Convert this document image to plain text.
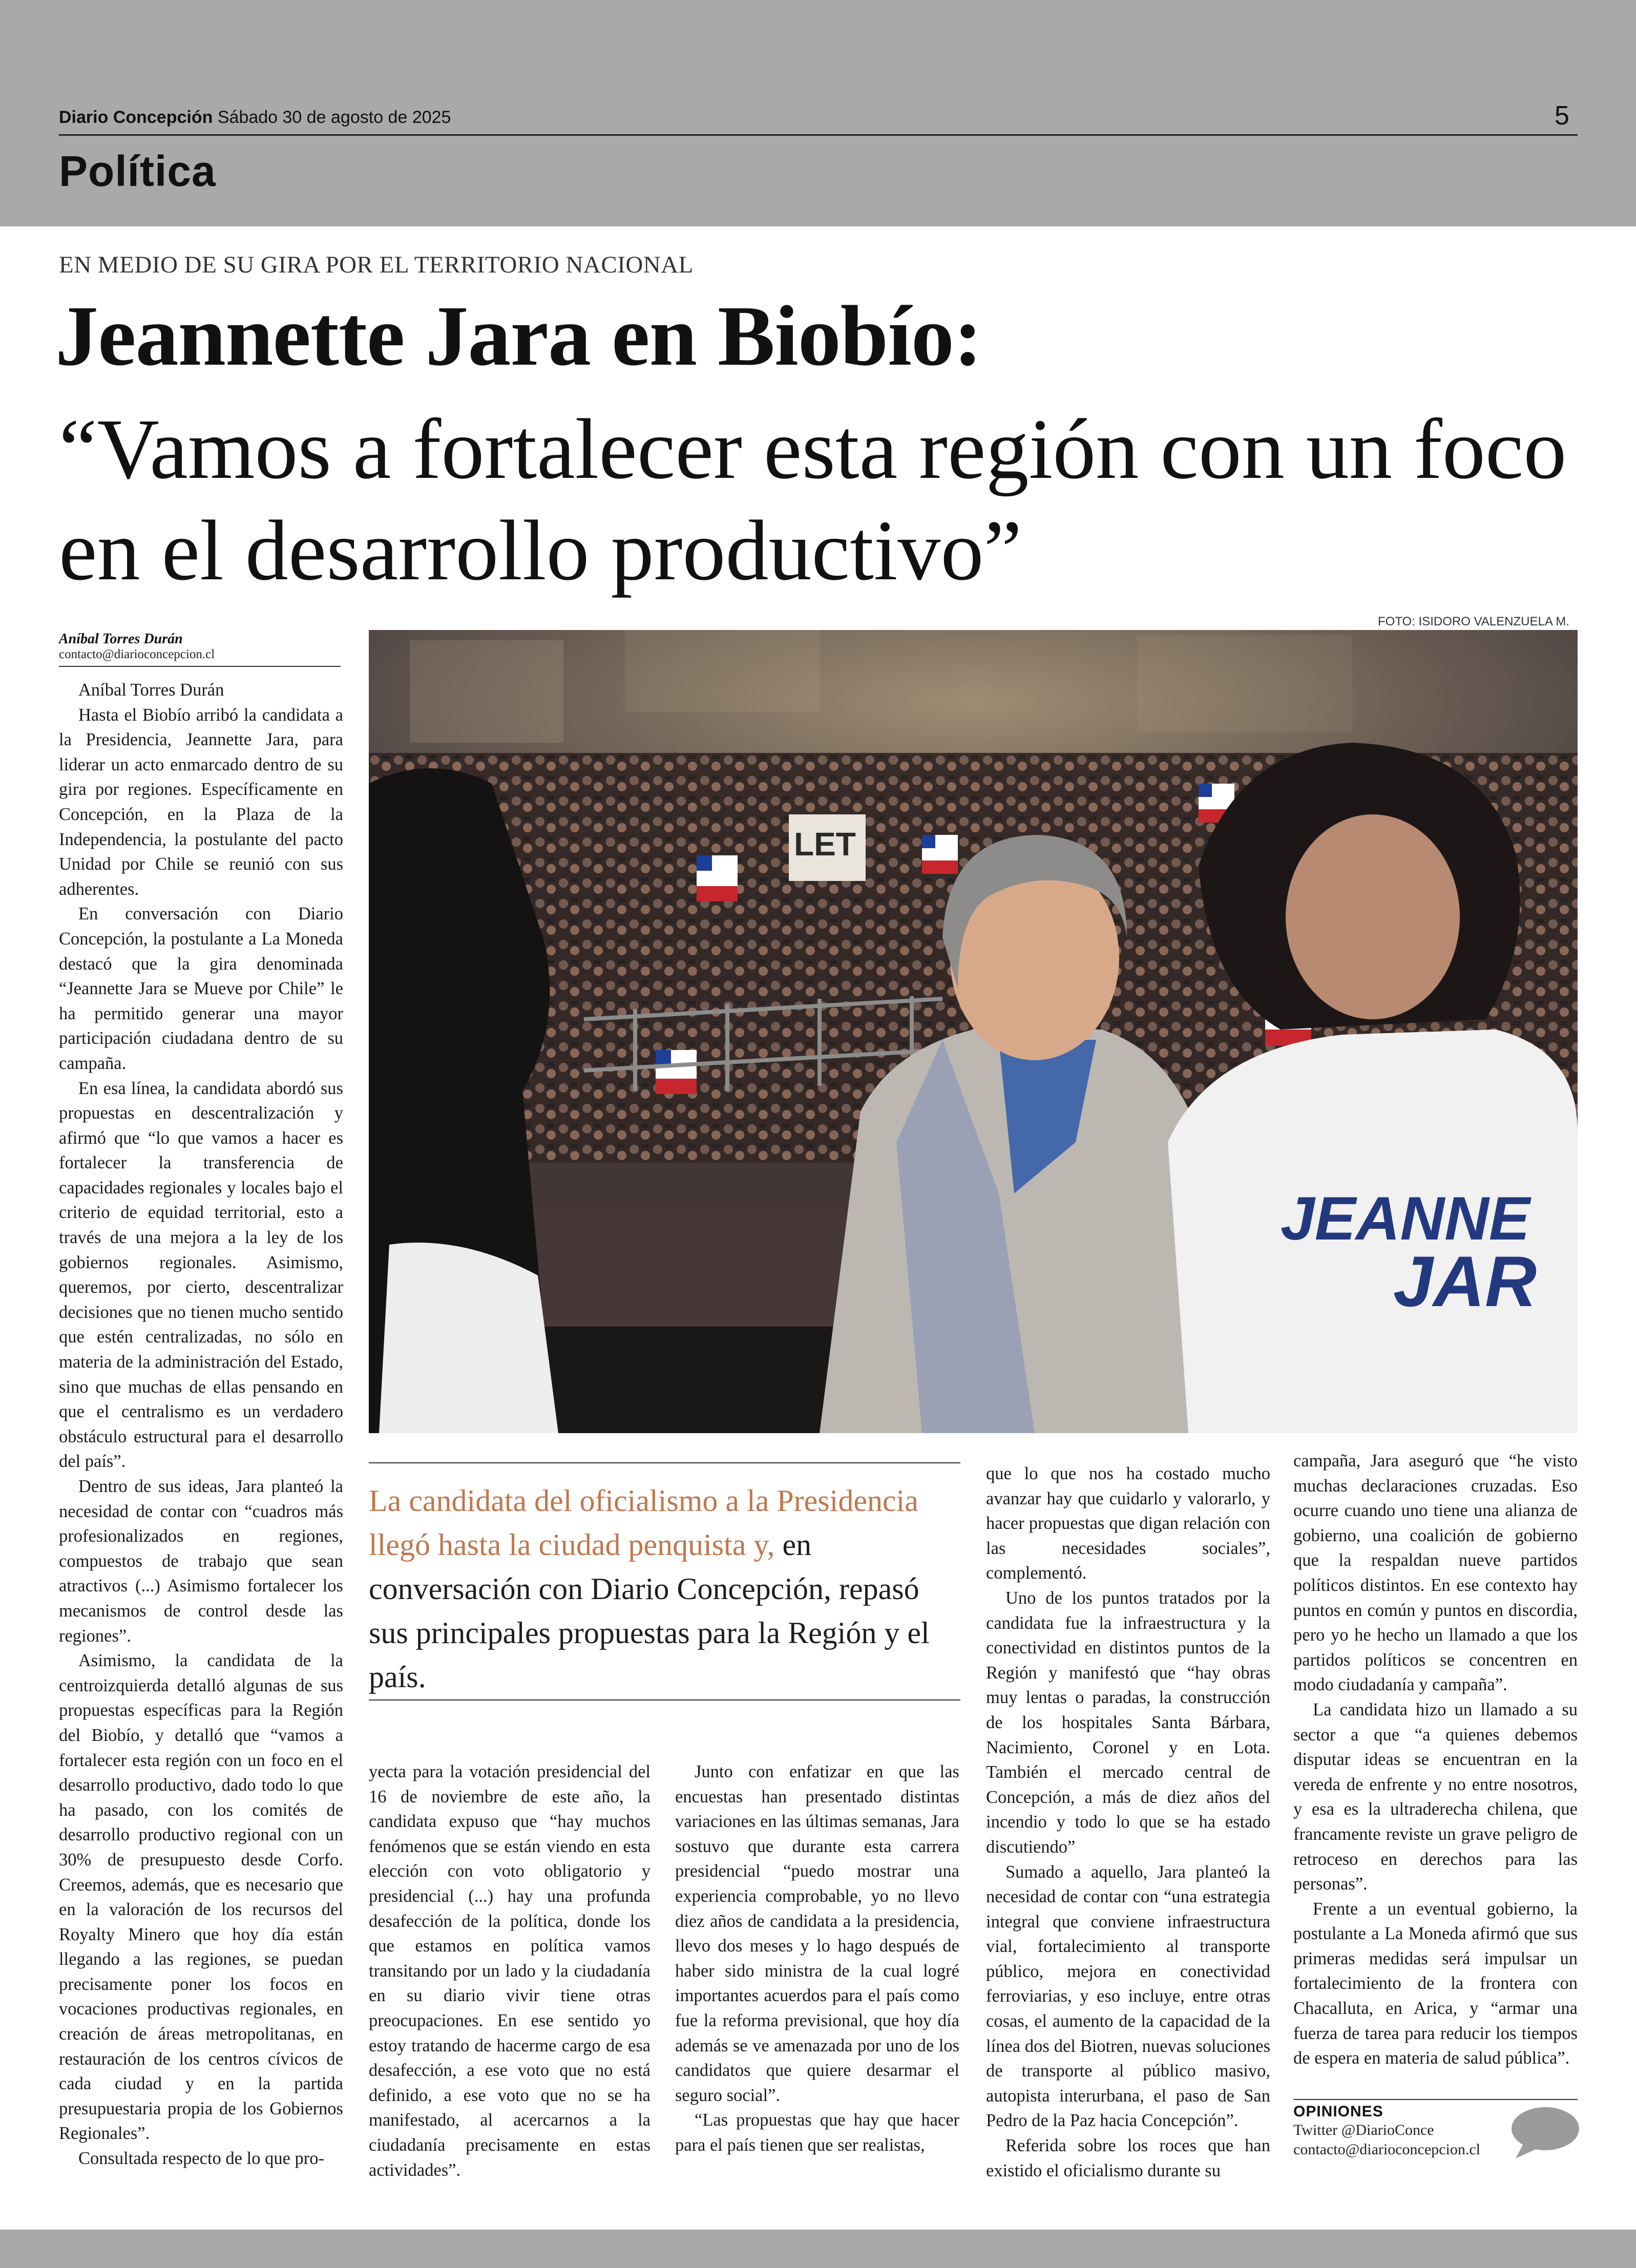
Diario Concepción Sábado 30 de agosto de 2025	5
Política
EN MEDIO DE SU GIRA POR EL TERRITORIO NACIONAL
Jeannette Jara en Biobío:
“Vamos a fortalecer esta región con un foco en el desarrollo productivo”
FOTO: ISIDORO VALENZUELA M.
LET
JEANNE
JAR
Aníbal Torres Durán
contacto@diarioconcepcion.cl

Aníbal Torres Durán

Hasta el Biobío arribó la candidata a la Presidencia, Jeannette Jara, para liderar un acto enmarcado dentro de su gira por regiones. Específicamente en Concepción, en la Plaza de la Independencia, la postulante del pacto Unidad por Chile se reunió con sus adherentes.

En conversación con Diario Concepción, la postulante a La Moneda destacó que la gira denominada “Jeannette Jara se Mueve por Chile” le ha permitido generar una mayor participación ciudadana dentro de su campaña.

En esa línea, la candidata abordó sus propuestas en descentralización y afirmó que “lo que vamos a hacer es fortalecer la transferencia de capacidades regionales y locales bajo el criterio de equidad territorial, esto a través de una mejora a la ley de los gobiernos regionales. Asimismo, queremos, por cierto, descentralizar decisiones que no tienen mucho sentido que estén centralizadas, no sólo en materia de la administración del Estado, sino que muchas de ellas pensando en que el centralismo es un verdadero obstáculo estructural para el desarrollo del país”.

Dentro de sus ideas, Jara planteó la necesidad de contar con “cuadros más profesionalizados en regiones, compuestos de trabajo que sean atractivos (...) Asimismo fortalecer los mecanismos de control desde las regiones”.

Asimismo, la candidata de la centroizquierda detalló algunas de sus propuestas específicas para la Región del Biobío, y detalló que “vamos a fortalecer esta región con un foco en el desarrollo productivo, dado todo lo que ha pasado, con los comités de desarrollo productivo regional con un 30% de presupuesto desde Corfo. Creemos, además, que es necesario que en la valoración de los recursos del Royalty Minero que hoy día están llegando a las regiones, se puedan precisamente poner los focos en vocaciones productivas regionales, en creación de áreas metropolitanas, en restauración de los centros cívicos de cada ciudad y en la partida presupuestaria propia de los Gobiernos Regionales”.

Consultada respecto de lo que pro-

La candidata del oficialismo a la Presidencia llegó hasta la ciudad penquista y, en conversación con Diario Concepción, repasó sus principales propuestas para la Región y el país.

yecta para la votación presidencial del 16 de noviembre de este año, la candidata expuso que “hay muchos fenómenos que se están viendo en esta elección con voto obligatorio y presidencial (...) hay una profunda desafección de la política, donde los que estamos en política vamos transitando por un lado y la ciudadanía en su diario vivir tiene otras preocupaciones. En ese sentido yo estoy tratando de hacerme cargo de esa desafección, a ese voto que no está definido, a ese voto que no se ha manifestado, al acercarnos a la ciudadanía precisamente en estas actividades”.

Junto con enfatizar en que las encuestas han presentado distintas variaciones en las últimas semanas, Jara sostuvo que durante esta carrera presidencial “puedo mostrar una experiencia comprobable, yo no llevo diez años de candidata a la presidencia, llevo dos meses y lo hago después de haber sido ministra de la cual logré importantes acuerdos para el país como fue la reforma previsional, que hoy día además se ve amenazada por uno de los candidatos que quiere desarmar el seguro social”.

“Las propuestas que hay que hacer para el país tienen que ser realistas,

que lo que nos ha costado mucho avanzar hay que cuidarlo y valorarlo, y hacer propuestas que digan relación con las necesidades sociales”, complementó.

Uno de los puntos tratados por la candidata fue la infraestructura y la conectividad en distintos puntos de la Región y manifestó que “hay obras muy lentas o paradas, la construcción de los hospitales Santa Bárbara, Nacimiento, Coronel y en Lota. También el mercado central de Concepción, a más de diez años del incendio y todo lo que se ha estado discutiendo”

Sumado a aquello, Jara planteó la necesidad de contar con “una estrategia integral que conviene infraestructura vial, fortalecimiento al transporte público, mejora en conectividad ferroviarias, y eso incluye, entre otras cosas, el aumento de la capacidad de la línea dos del Biotren, nuevas soluciones de transporte al público masivo, autopista interurbana, el paso de San Pedro de la Paz hacia Concepción”.

Referida sobre los roces que han existido el oficialismo durante su

campaña, Jara aseguró que “he visto muchas declaraciones cruzadas. Eso ocurre cuando uno tiene una alianza de gobierno, una coalición de gobierno que la respaldan nueve partidos políticos distintos. En ese contexto hay puntos en común y puntos en discordia, pero yo he hecho un llamado a que los partidos políticos se concentren en modo ciudadanía y campaña”.

La candidata hizo un llamado a su sector a que “a quienes debemos disputar ideas se encuentran en la vereda de enfrente y no entre nosotros, y esa es la ultraderecha chilena, que francamente reviste un grave peligro de retroceso en derechos para las personas”.

Frente a un eventual gobierno, la postulante a La Moneda afirmó que sus primeras medidas será impulsar un fortalecimiento de la frontera con Chacalluta, en Arica, y “armar una fuerza de tarea para reducir los tiempos de espera en materia de salud pública”.

OPINIONES
Twitter @DiarioConce
contacto@diarioconcepcion.cl
